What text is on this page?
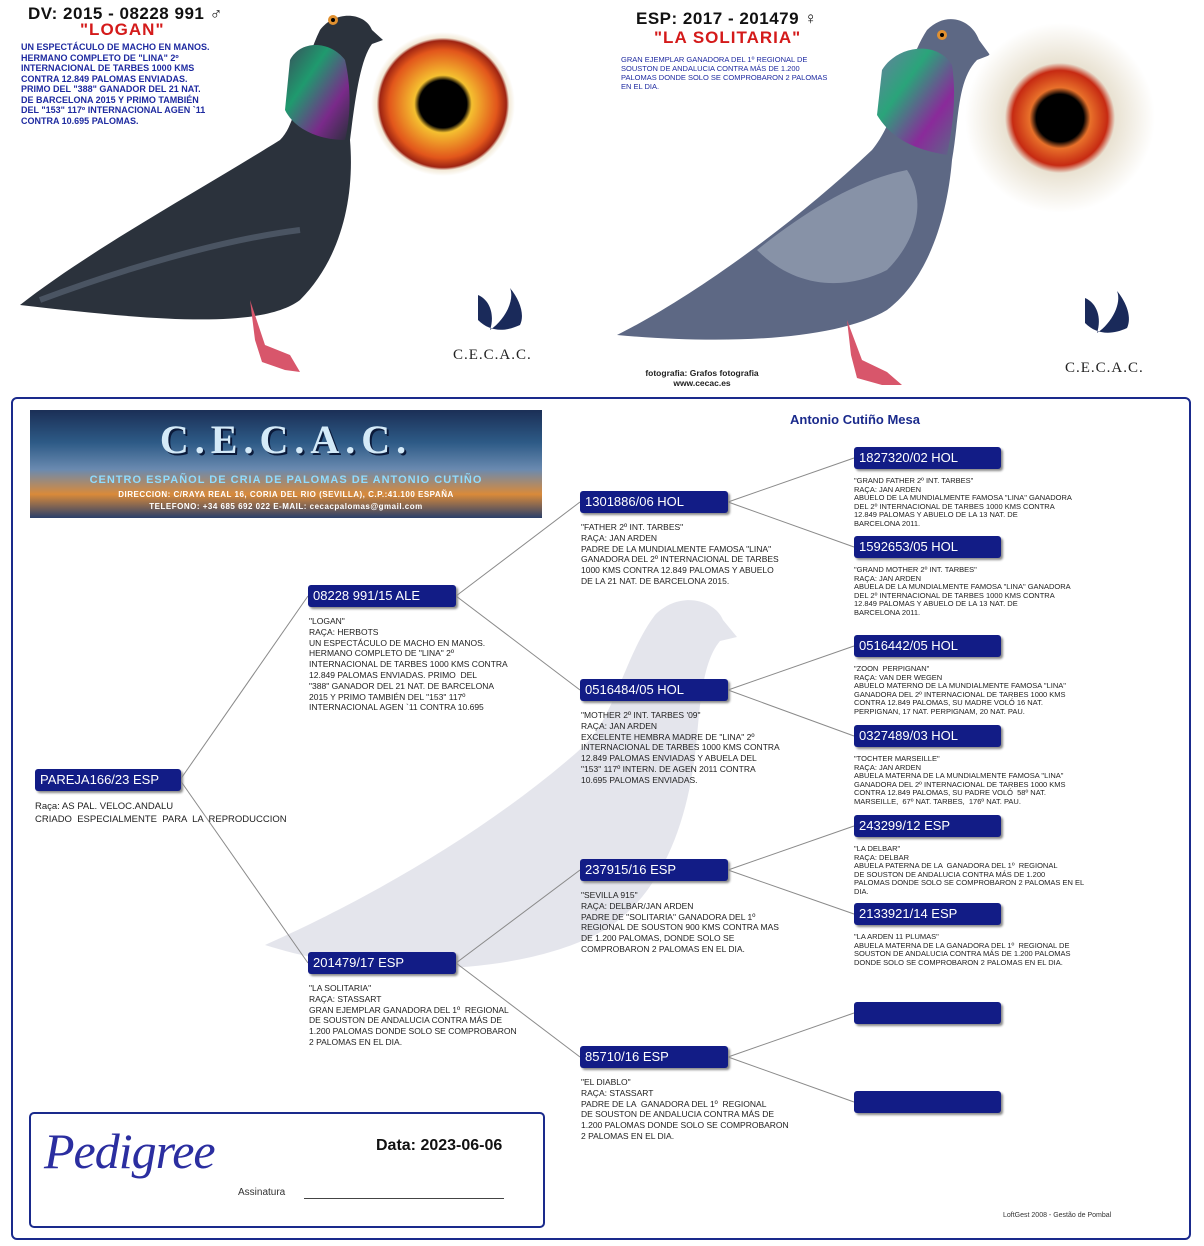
DV: 2015 - 08228 991 ♂
"LOGAN"
UN ESPECTÁCULO DE MACHO EN MANOS.
HERMANO COMPLETO DE "LINA" 2º
INTERNACIONAL DE TARBES 1000 KMS
CONTRA 12.849 PALOMAS ENVIADAS.
PRIMO DEL "388" GANADOR DEL 21 NAT.
DE BARCELONA 2015 Y PRIMO TAMBIÉN
DEL "153" 117º INTERNACIONAL AGEN `11
CONTRA 10.695 PALOMAS.
C.E.C.A.C.
ESP: 2017 - 201479 ♀
"LA SOLITARIA"
GRAN EJEMPLAR GANADORA DEL 1º REGIONAL DE
SOUSTON DE ANDALUCIA CONTRA MÁS DE 1.200
PALOMAS DONDE SOLO SE COMPROBARON 2 PALOMAS
EN EL DIA.
fotografia: Grafos fotografia
www.cecac.es
C.E.C.A.C.
Antonio Cutiño Mesa
C.E.C.A.C.
CENTRO ESPAÑOL DE CRIA DE PALOMAS DE ANTONIO CUTIÑO
DIRECCION: C/RAYA REAL 16, CORIA DEL RIO (SEVILLA), C.P.:41.100 ESPAÑA
TELEFONO: +34 685 692 022 E-MAIL: cecacpalomas@gmail.com
PAREJA166/23 ESP
Raça: AS PAL. VELOC.ANDALU
CRIADO  ESPECIALMENTE  PARA  LA  REPRODUCCION
08228 991/15 ALE
"LOGAN"
RAÇA: HERBOTS
UN ESPECTÁCULO DE MACHO EN MANOS.
HERMANO COMPLETO DE "LINA" 2º
INTERNACIONAL DE TARBES 1000 KMS CONTRA
12.849 PALOMAS ENVIADAS. PRIMO  DEL
"388" GANADOR DEL 21 NAT. DE BARCELONA
2015 Y PRIMO TAMBIÉN DEL "153" 117º
INTERNACIONAL AGEN `11 CONTRA 10.695
201479/17 ESP
"LA SOLITARIA"
RAÇA: STASSART
GRAN EJEMPLAR GANADORA DEL 1º  REGIONAL
DE SOUSTON DE ANDALUCIA CONTRA MÁS DE
1.200 PALOMAS DONDE SOLO SE COMPROBARON
2 PALOMAS EN EL DIA.
1301886/06 HOL
"FATHER 2º INT. TARBES"
RAÇA: JAN ARDEN
PADRE DE LA MUNDIALMENTE FAMOSA "LINA"
GANADORA DEL 2º INTERNACIONAL DE TARBES
1000 KMS CONTRA 12.849 PALOMAS Y ABUELO
DE LA 21 NAT. DE BARCELONA 2015.
0516484/05 HOL
"MOTHER 2º INT. TARBES '09"
RAÇA: JAN ARDEN
EXCELENTE HEMBRA MADRE DE "LINA" 2º
INTERNACIONAL DE TARBES 1000 KMS CONTRA
12.849 PALOMAS ENVIADAS Y ABUELA DEL
"153" 117º INTERN. DE AGEN 2011 CONTRA
10.695 PALOMAS ENVIADAS.
237915/16 ESP
"SEVILLA 915"
RAÇA: DELBAR/JAN ARDEN
PADRE DE "SOLITARIA" GANADORA DEL 1º
REGIONAL DE SOUSTON 900 KMS CONTRA MAS
DE 1.200 PALOMAS, DONDE SOLO SE
COMPROBARON 2 PALOMAS EN EL DIA.
85710/16 ESP
"EL DIABLO"
RAÇA: STASSART
PADRE DE LA  GANADORA DEL 1º  REGIONAL
DE SOUSTON DE ANDALUCIA CONTRA MÁS DE
1.200 PALOMAS DONDE SOLO SE COMPROBARON
2 PALOMAS EN EL DIA.
1827320/02 HOL
"GRAND FATHER 2º INT. TARBES"
RAÇA: JAN ARDEN
ABUELO DE LA MUNDIALMENTE FAMOSA "LINA" GANADORA
DEL 2º INTERNACIONAL DE TARBES 1000 KMS CONTRA
12.849 PALOMAS Y ABUELO DE LA 13 NAT. DE
BARCELONA 2011.
1592653/05 HOL
"GRAND MOTHER 2º INT. TARBES"
RAÇA: JAN ARDEN
ABUELA DE LA MUNDIALMENTE FAMOSA "LINA" GANADORA
DEL 2º INTERNACIONAL DE TARBES 1000 KMS CONTRA
12.849 PALOMAS Y ABUELO DE LA 13 NAT. DE
BARCELONA 2011.
0516442/05 HOL
"ZOON  PERPIGNAN"
RAÇA: VAN DER WEGEN
ABUELO MATERNO DE LA MUNDIALMENTE FAMOSA "LINA"
GANADORA DEL 2º INTERNACIONAL DE TARBES 1000 KMS
CONTRA 12.849 PALOMAS, SU MADRE VOLÓ 16 NAT.
PERPIGNAN, 17 NAT. PERPIGNAM, 20 NAT. PAU.
0327489/03 HOL
"TOCHTER MARSEILLE"
RAÇA: JAN ARDEN
ABUELA MATERNA DE LA MUNDIALMENTE FAMOSA "LINA"
GANADORA DEL 2º INTERNACIONAL DE TARBES 1000 KMS
CONTRA 12.849 PALOMAS, SU PADRE VOLÓ  58º NAT.
MARSEILLE,  67º NAT. TARBES,  176º NAT. PAU.
243299/12 ESP
"LA DELBAR"
RAÇA: DELBAR
ABUELA PATERNA DE LA  GANADORA DEL 1º  REGIONAL
DE SOUSTON DE ANDALUCIA CONTRA MÁS DE 1.200
PALOMAS DONDE SOLO SE COMPROBARON 2 PALOMAS EN EL
DIA.
2133921/14 ESP
"LA ARDEN 11 PLUMAS"
ABUELA MATERNA DE LA GANADORA DEL 1º  REGIONAL DE
SOUSTON DE ANDALUCIA CONTRA MÁS DE 1.200 PALOMAS
DONDE SOLO SE COMPROBARON 2 PALOMAS EN EL DIA.
Pedigree	Data: 2023-06-06
Assinatura
LoftGest 2008 - Gestão de Pombal
